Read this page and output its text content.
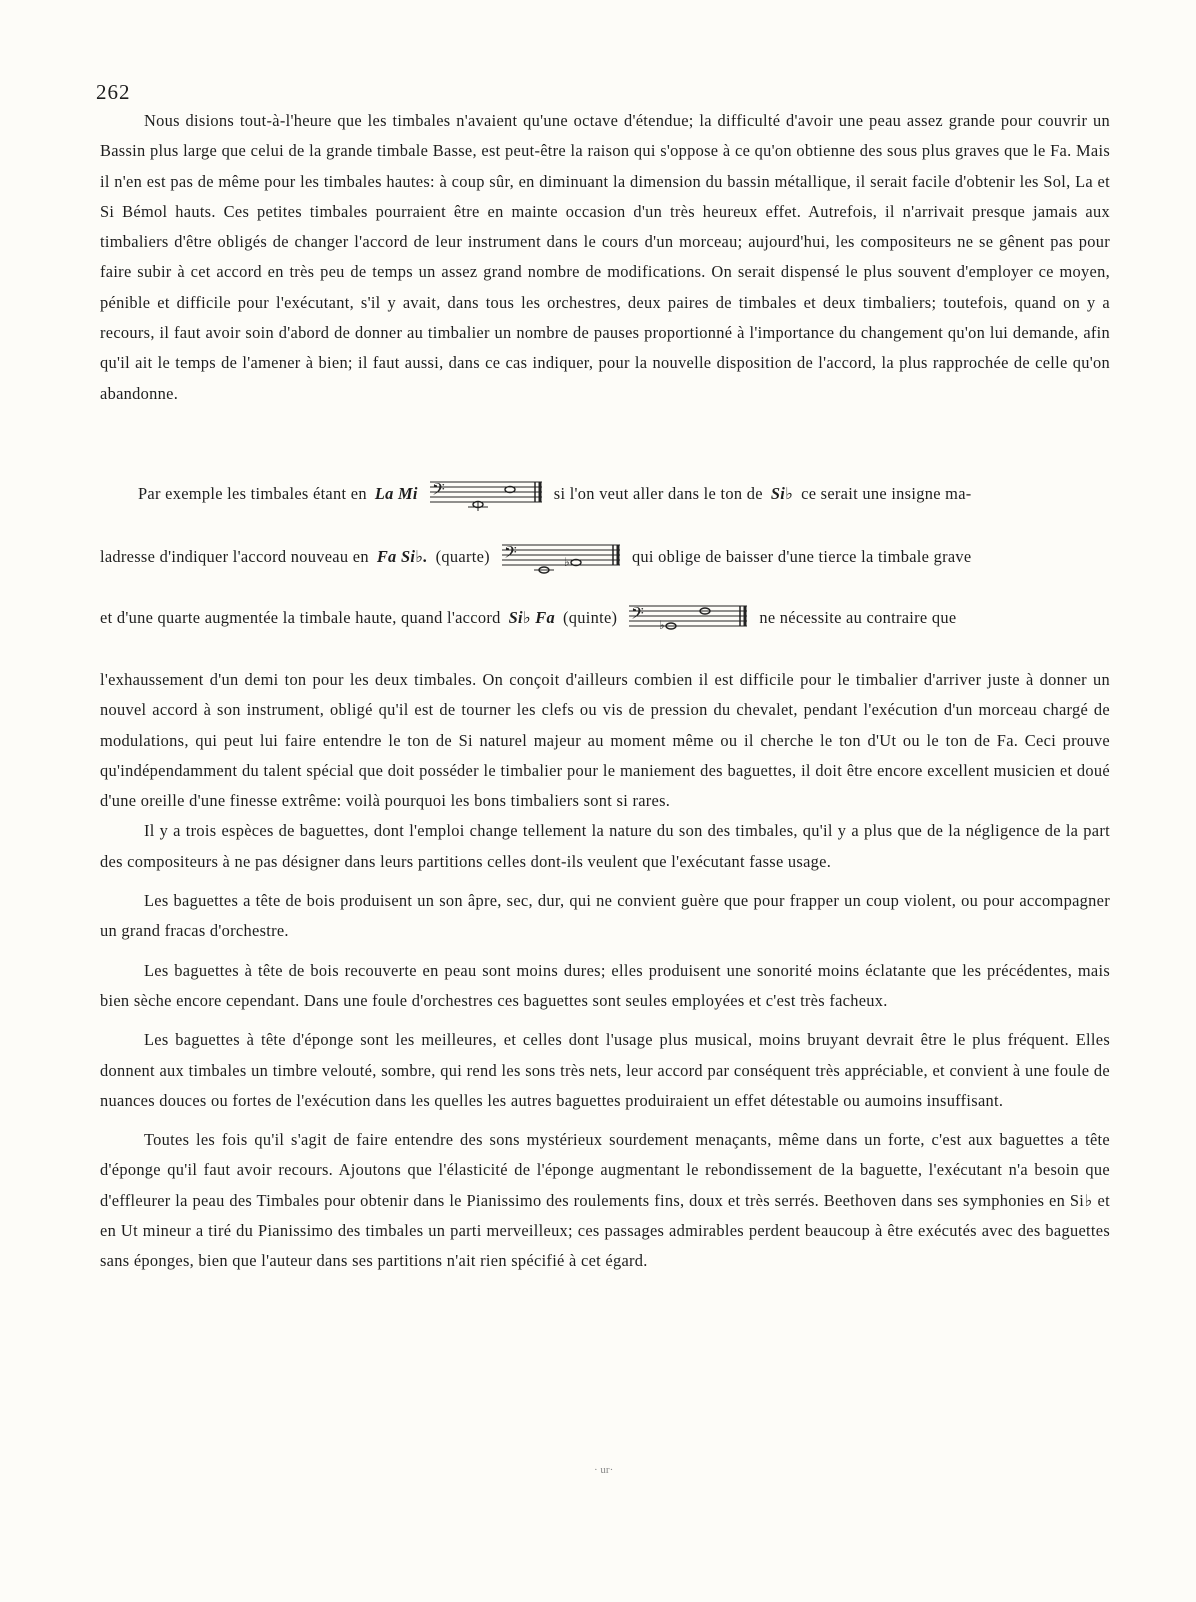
262

Nous disions tout-à-l'heure que les timbales n'avaient qu'une octave d'étendue; la difficulté d'avoir une peau assez grande pour couvrir un Bassin plus large que celui de la grande timbale Basse, est peut-être la raison qui s'oppose à ce qu'on obtienne des sous plus graves que le Fa. Mais il n'en est pas de même pour les timbales hautes: à coup sûr, en diminuant la dimension du bassin métallique, il serait facile d'obtenir les Sol, La et Si Bémol hauts. Ces petites timbales pourraient être en mainte occasion d'un très heureux effet. Autrefois, il n'arrivait presque jamais aux timbaliers d'être obligés de changer l'accord de leur instrument dans le cours d'un morceau; aujourd'hui, les compositeurs ne se gênent pas pour faire subir à cet accord en très peu de temps un assez grand nombre de modifications. On serait dispensé le plus souvent d'employer ce moyen, pénible et difficile pour l'exécutant, s'il y avait, dans tous les orchestres, deux paires de timbales et deux timbaliers; toutefois, quand on y a recours, il faut avoir soin d'abord de donner au timbalier un nombre de pauses proportionné à l'importance du changement qu'on lui demande, afin qu'il ait le temps de l'amener à bien; il faut aussi, dans ce cas indiquer, pour la nouvelle disposition de l'accord, la plus rapprochée de celle qu'on abandonne.

Par exemple les timbales étant en La Mi 𝄢	si l'on veut aller dans le ton de Si♭ ce serait une insigne ma-
ladresse d'indiquer l'accord nouveau en Fa Si♭. (quarte) 𝄢	♭	qui oblige de baisser d'une tierce la timbale grave
et d'une quarte augmentée la timbale haute, quand l'accord Si♭ Fa (quinte) 𝄢 ♭	ne nécessite au contraire que

l'exhaussement d'un demi ton pour les deux timbales. On conçoit d'ailleurs combien il est difficile pour le timbalier d'arriver juste à donner un nouvel accord à son instrument, obligé qu'il est de tourner les clefs ou vis de pression du chevalet, pendant l'exécution d'un morceau chargé de modulations, qui peut lui faire entendre le ton de Si naturel majeur au moment même ou il cherche le ton d'Ut ou le ton de Fa. Ceci prouve qu'indépendamment du talent spécial que doit posséder le timbalier pour le maniement des baguettes, il doit être encore excellent musicien et doué d'une oreille d'une finesse extrême: voilà pourquoi les bons timbaliers sont si rares.

Il y a trois espèces de baguettes, dont l'emploi change tellement la nature du son des timbales, qu'il y a plus que de la négligence de la part des compositeurs à ne pas désigner dans leurs partitions celles dont-ils veulent que l'exécutant fasse usage.

Les baguettes a tête de bois produisent un son âpre, sec, dur, qui ne convient guère que pour frapper un coup violent, ou pour accompagner un grand fracas d'orchestre.

Les baguettes à tête de bois recouverte en peau sont moins dures; elles produisent une sonorité moins éclatante que les précédentes, mais bien sèche encore cependant. Dans une foule d'orchestres ces baguettes sont seules employées et c'est très facheux.

Les baguettes à tête d'éponge sont les meilleures, et celles dont l'usage plus musical, moins bruyant devrait être le plus fréquent. Elles donnent aux timbales un timbre velouté, sombre, qui rend les sons très nets, leur accord par conséquent très appréciable, et convient à une foule de nuances douces ou fortes de l'exécution dans les quelles les autres baguettes produiraient un effet détestable ou aumoins insuffisant.

Toutes les fois qu'il s'agit de faire entendre des sons mystérieux sourdement menaçants, même dans un forte, c'est aux baguettes a tête d'éponge qu'il faut avoir recours. Ajoutons que l'élasticité de l'éponge augmentant le rebondissement de la baguette, l'exécutant n'a besoin que d'effleurer la peau des Timbales pour obtenir dans le Pianissimo des roulements fins, doux et très serrés. Beethoven dans ses symphonies en Si♭ et en Ut mineur a tiré du Pianissimo des timbales un parti merveilleux; ces passages admirables perdent beaucoup à être exécutés avec des baguettes sans éponges, bien que l'auteur dans ses partitions n'ait rien spécifié à cet égard.

· ur·
